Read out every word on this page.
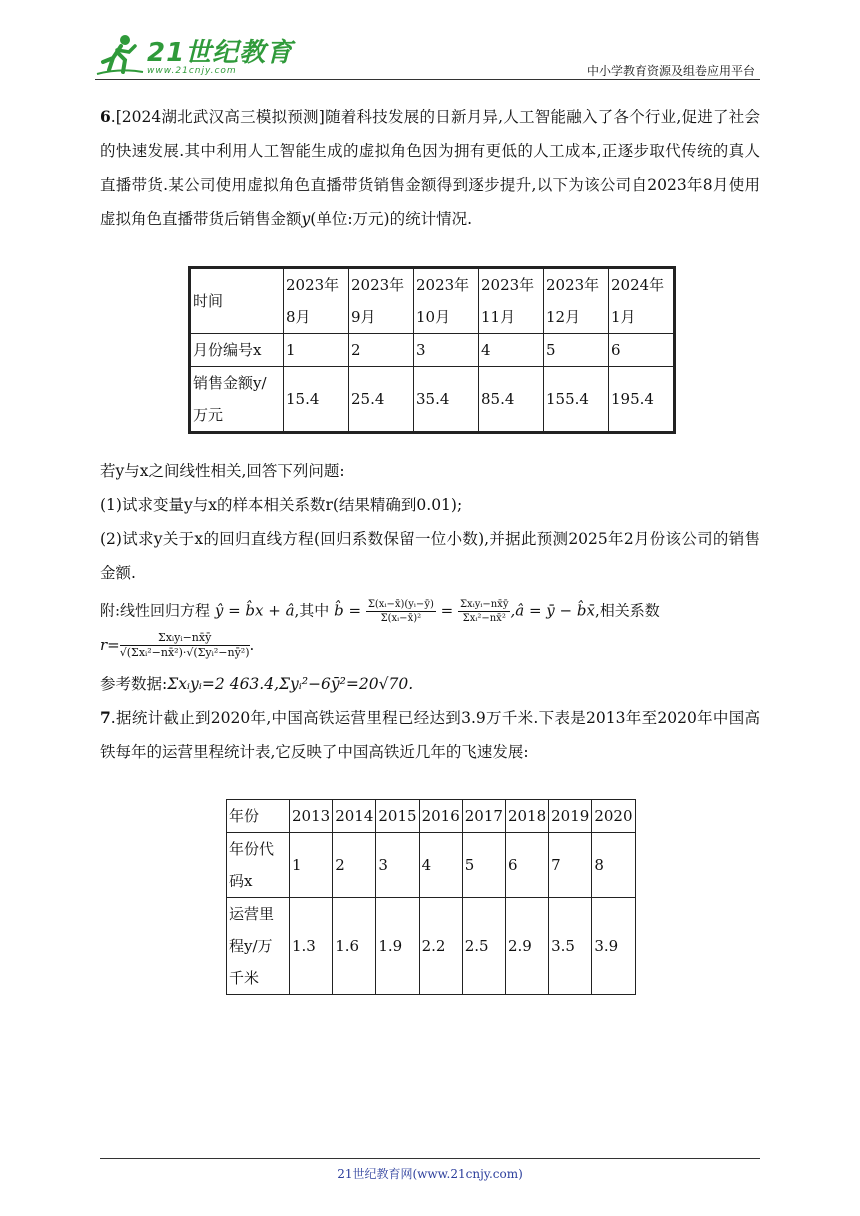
21世纪教育
www.21cnjy.com	中小学教育资源及组卷应用平台

6.[2024湖北武汉高三模拟预测]随着科技发展的日新月异,人工智能融入了各个行业,促进了社会的快速发展.其中利用人工智能生成的虚拟角色因为拥有更低的人工成本,正逐步取代传统的真人直播带货.某公司使用虚拟角色直播带货销售金额得到逐步提升,以下为该公司自2023年8月使用虚拟角色直播带货后销售金额y(单位:万元)的统计情况.

时间	2023年8月	2023年9月	2023年10月	2023年11月	2023年12月	2024年1月
月份编号x	1	2	3	4	5	6
销售金额y/万元	15.4	25.4	35.4	85.4	155.4	195.4

若y与x之间线性相关,回答下列问题:

(1)试求变量y与x的样本相关系数r(结果精确到0.01);

(2)试求y关于x的回归直线方程(回归系数保留一位小数),并据此预测2025年2月份该公司的销售金额.

附:线性回归方程 ŷ = b̂x + â,其中 b̂ = $\frac{\text{Σ(xᵢ−x̄)(yᵢ−ȳ)}}{\text{Σ(xᵢ−x̄)²}} = \frac{\text{Σxᵢyᵢ−nx̄ȳ}}{\text{Σxᵢ²−nx̄²}}$ ,â = ȳ − b̂x̄,相关系数

$r= \frac{\text{Σxᵢyᵢ−nx̄ȳ}}{\text{√(Σxᵢ²−nx̄²)·√(Σyᵢ²−nȳ²)}}$ .

参考数据:Σxᵢyᵢ=2 463.4,Σyᵢ²−6ȳ²=20√70.

7.据统计截止到2020年,中国高铁运营里程已经达到3.9万千米.下表是2013年至2020年中国高铁每年的运营里程统计表,它反映了中国高铁近几年的飞速发展:

年份	2013	2014	2015	2016	2017	2018	2019	2020
年份代码x	1	2	3	4	5	6	7	8
运营里程y/万千米	1.3	1.6	1.9	2.2	2.5	2.9	3.5	3.9
21世纪教育网(www.21cnjy.com)
